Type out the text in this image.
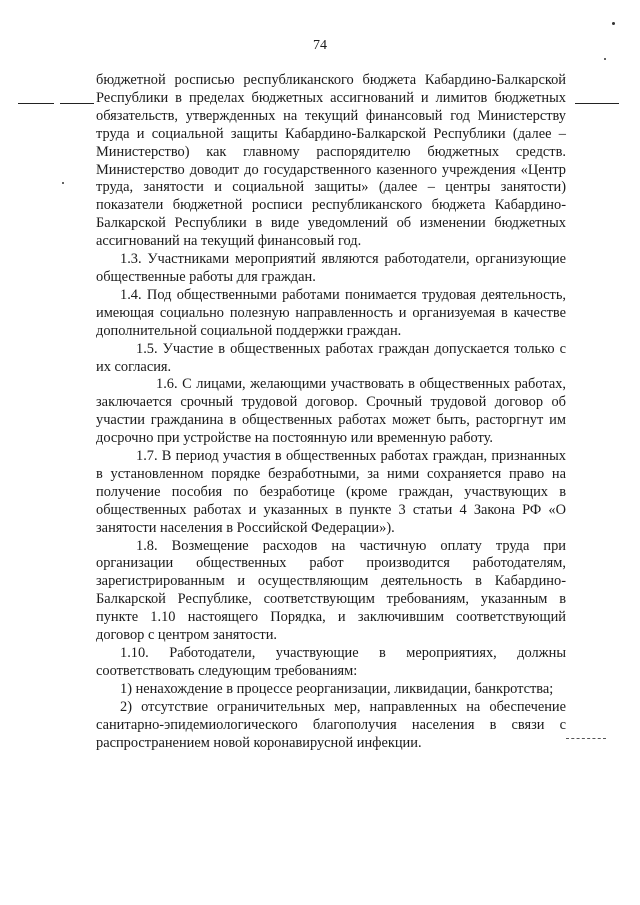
74

бюджетной росписью республиканского бюджета Кабардино-Балкарской Республики в пределах бюджетных ассигнований и лимитов бюджетных обязательств, утвержденных на текущий финансовый год Министерству труда и социальной защиты Кабардино-Балкарской Республики (далее – Министерство) как главному распорядителю бюджетных средств. Министерство доводит до государственного казенного учреждения «Центр труда, занятости и социальной защиты» (далее – центры занятости) показатели бюджетной росписи республиканского бюджета Кабардино-Балкарской Республики в виде уведомлений об изменении бюджетных ассигнований на текущий финансовый год.

1.3. Участниками мероприятий являются работодатели, организующие общественные работы для граждан.

1.4. Под общественными работами понимается трудовая деятельность, имеющая социально полезную направленность и организуемая в качестве дополнительной социальной поддержки граждан.

1.5. Участие в общественных работах граждан допускается только с их согласия.

1.6. С лицами, желающими участвовать в общественных работах, заключается срочный трудовой договор. Срочный трудовой договор об участии гражданина в общественных работах может быть, расторгнут им досрочно при устройстве на постоянную или временную работу.

1.7. В период участия в общественных работах граждан, признанных в установленном порядке безработными, за ними сохраняется право на получение пособия по безработице (кроме граждан, участвующих в общественных работах и указанных в пункте 3 статьи 4 Закона РФ «О занятости населения в Российской Федерации»).

1.8. Возмещение расходов на частичную оплату труда при организации общественных работ производится работодателям, зарегистрированным и осуществляющим деятельность в Кабардино-Балкарской Республике, соответствующим требованиям, указанным в пункте 1.10 настоящего Порядка, и заключившим соответствующий договор с центром занятости.

1.10. Работодатели, участвующие в мероприятиях, должны соответствовать следующим требованиям:

1) ненахождение в процессе реорганизации, ликвидации, банкротства;

2) отсутствие ограничительных мер, направленных на обеспечение санитарно-эпидемиологического благополучия населения в связи с распространением новой коронавирусной инфекции.
